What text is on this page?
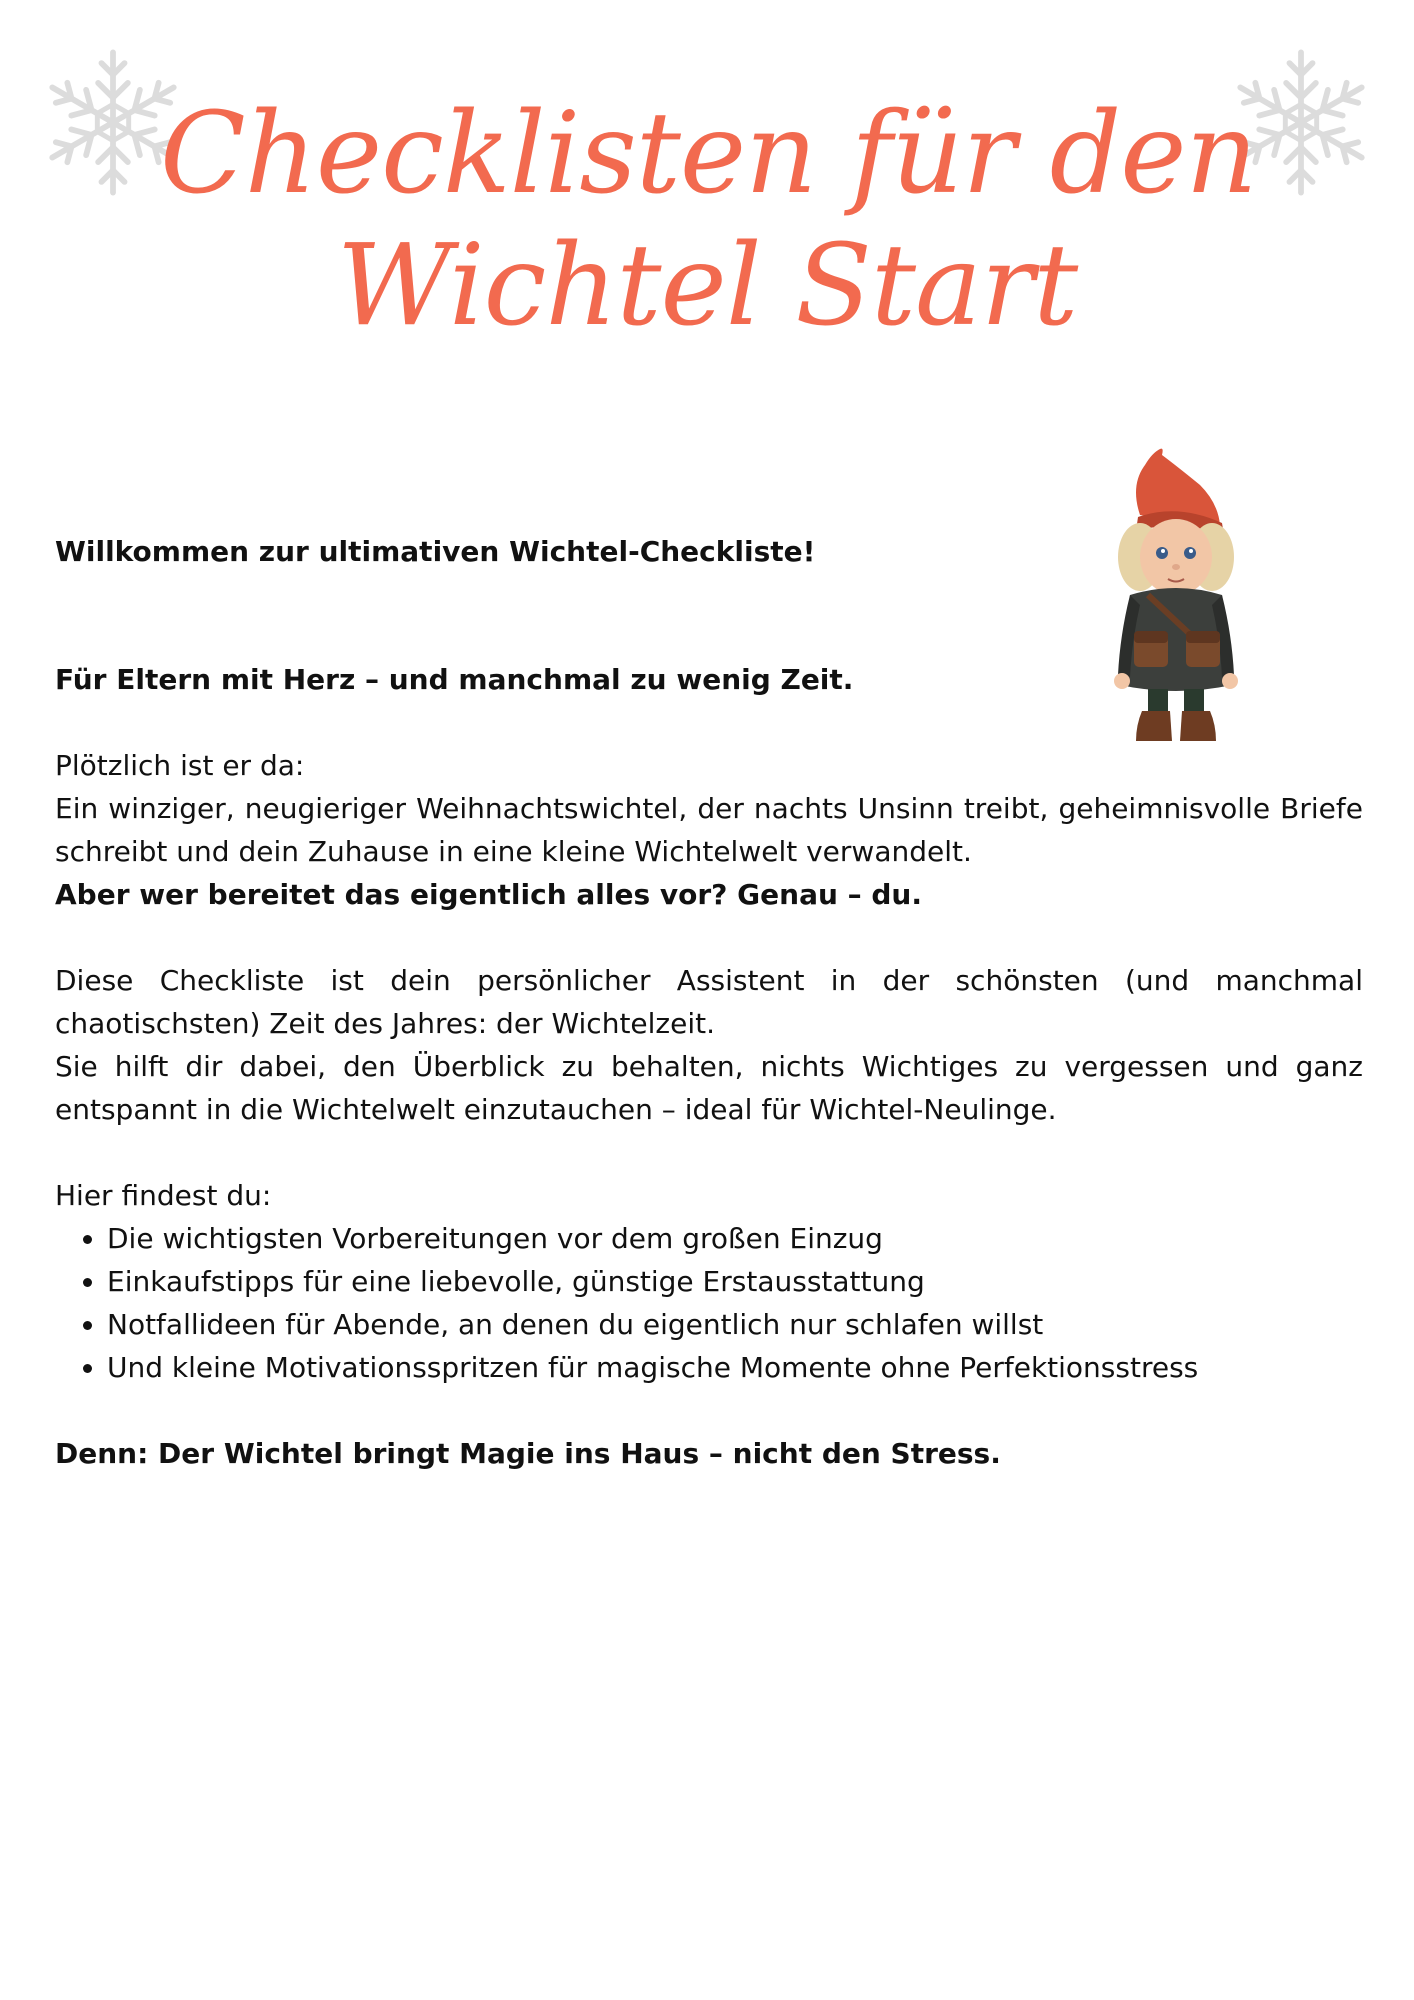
Checklisten für den
Wichtel Start

Willkommen zur ultimativen Wichtel-Checkliste!

Für Eltern mit Herz – und manchmal zu wenig Zeit.

Plötzlich ist er da:

Ein winziger, neugieriger Weihnachtswichtel, der nachts Unsinn treibt, geheimnisvolle Briefe schreibt und dein Zuhause in eine kleine Wichtelwelt verwandelt.

Aber wer bereitet das eigentlich alles vor? Genau – du.

Diese Checkliste ist dein persönlicher Assistent in der schönsten (und manchmal chaotischsten) Zeit des Jahres: der Wichtelzeit.

Sie hilft dir dabei, den Überblick zu behalten, nichts Wichtiges zu vergessen und ganz entspannt in die Wichtelwelt einzutauchen – ideal für Wichtel-Neulinge.

Hier findest du:

• Die wichtigsten Vorbereitungen vor dem großen Einzug
• Einkaufstipps für eine liebevolle, günstige Erstausstattung
• Notfallideen für Abende, an denen du eigentlich nur schlafen willst
• Und kleine Motivationsspritzen für magische Momente ohne Perfektionsstress

Denn: Der Wichtel bringt Magie ins Haus – nicht den Stress.
